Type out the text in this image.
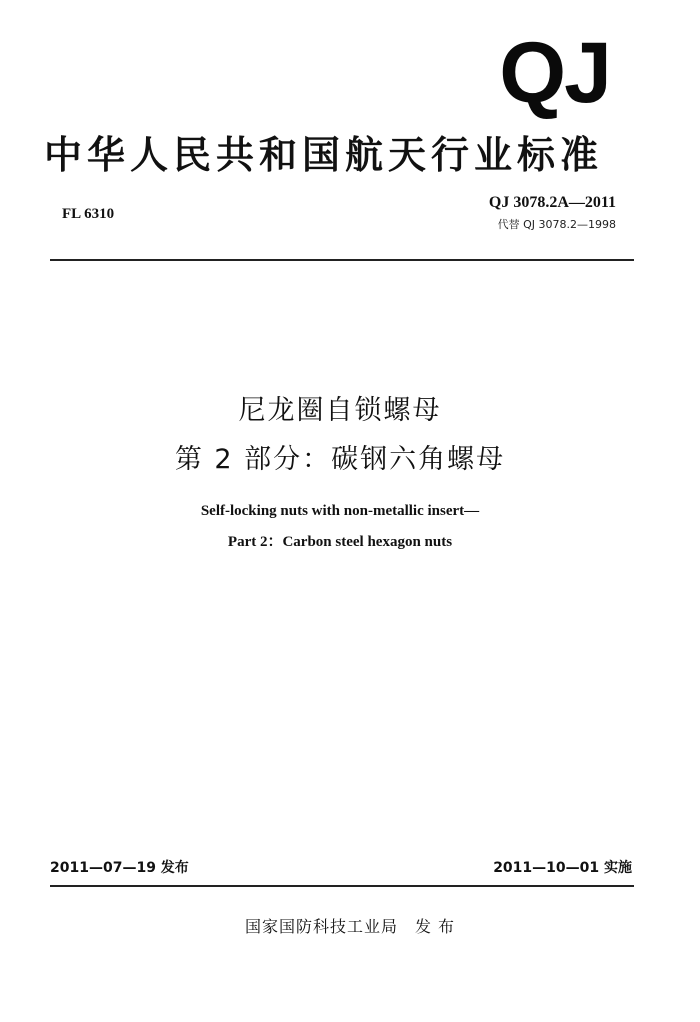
QJ
中华人民共和国航天行业标准
FL 6310
QJ 3078.2A—2011
代替 QJ 3078.2—1998
尼龙圈自锁螺母
第 2 部分：碳钢六角螺母
Self-locking nuts with non-metallic insert—
Part 2：Carbon steel hexagon nuts
2011—07—19 发布	2011—10—01 实施
国家国防科技工业局　发 布
